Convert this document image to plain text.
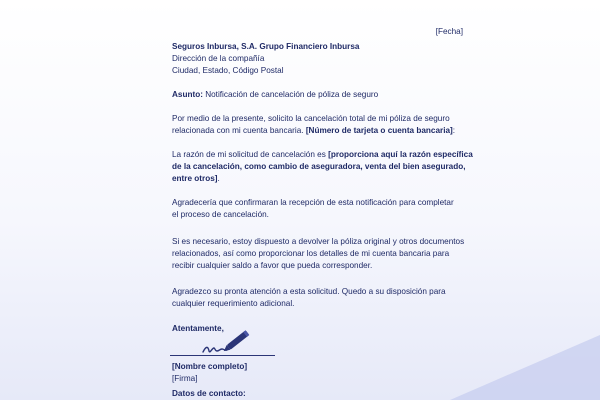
[Fecha]
Seguros Inbursa, S.A. Grupo Financiero Inbursa
Dirección de la compañía
Ciudad, Estado, Código Postal
Asunto: Notificación de cancelación de póliza de seguro
Por medio de la presente, solicito la cancelación total de mi póliza de seguro
relacionada con mi cuenta bancaria. [Número de tarjeta o cuenta bancaria]:
La razón de mi solicitud de cancelación es [proporciona aquí la razón específica
de la cancelación, como cambio de aseguradora, venta del bien asegurado,
entre otros].
Agradecería que confirmaran la recepción de esta notificación para completar
el proceso de cancelación.
Si es necesario, estoy dispuesto a devolver la póliza original y otros documentos
relacionados, así como proporcionar los detalles de mi cuenta bancaria para
recibir cualquier saldo a favor que pueda corresponder.
Agradezco su pronta atención a esta solicitud. Quedo a su disposición para
cualquier requerimiento adicional.
Atentamente,
[Nombre completo]
[Firma]
Datos de contacto:
